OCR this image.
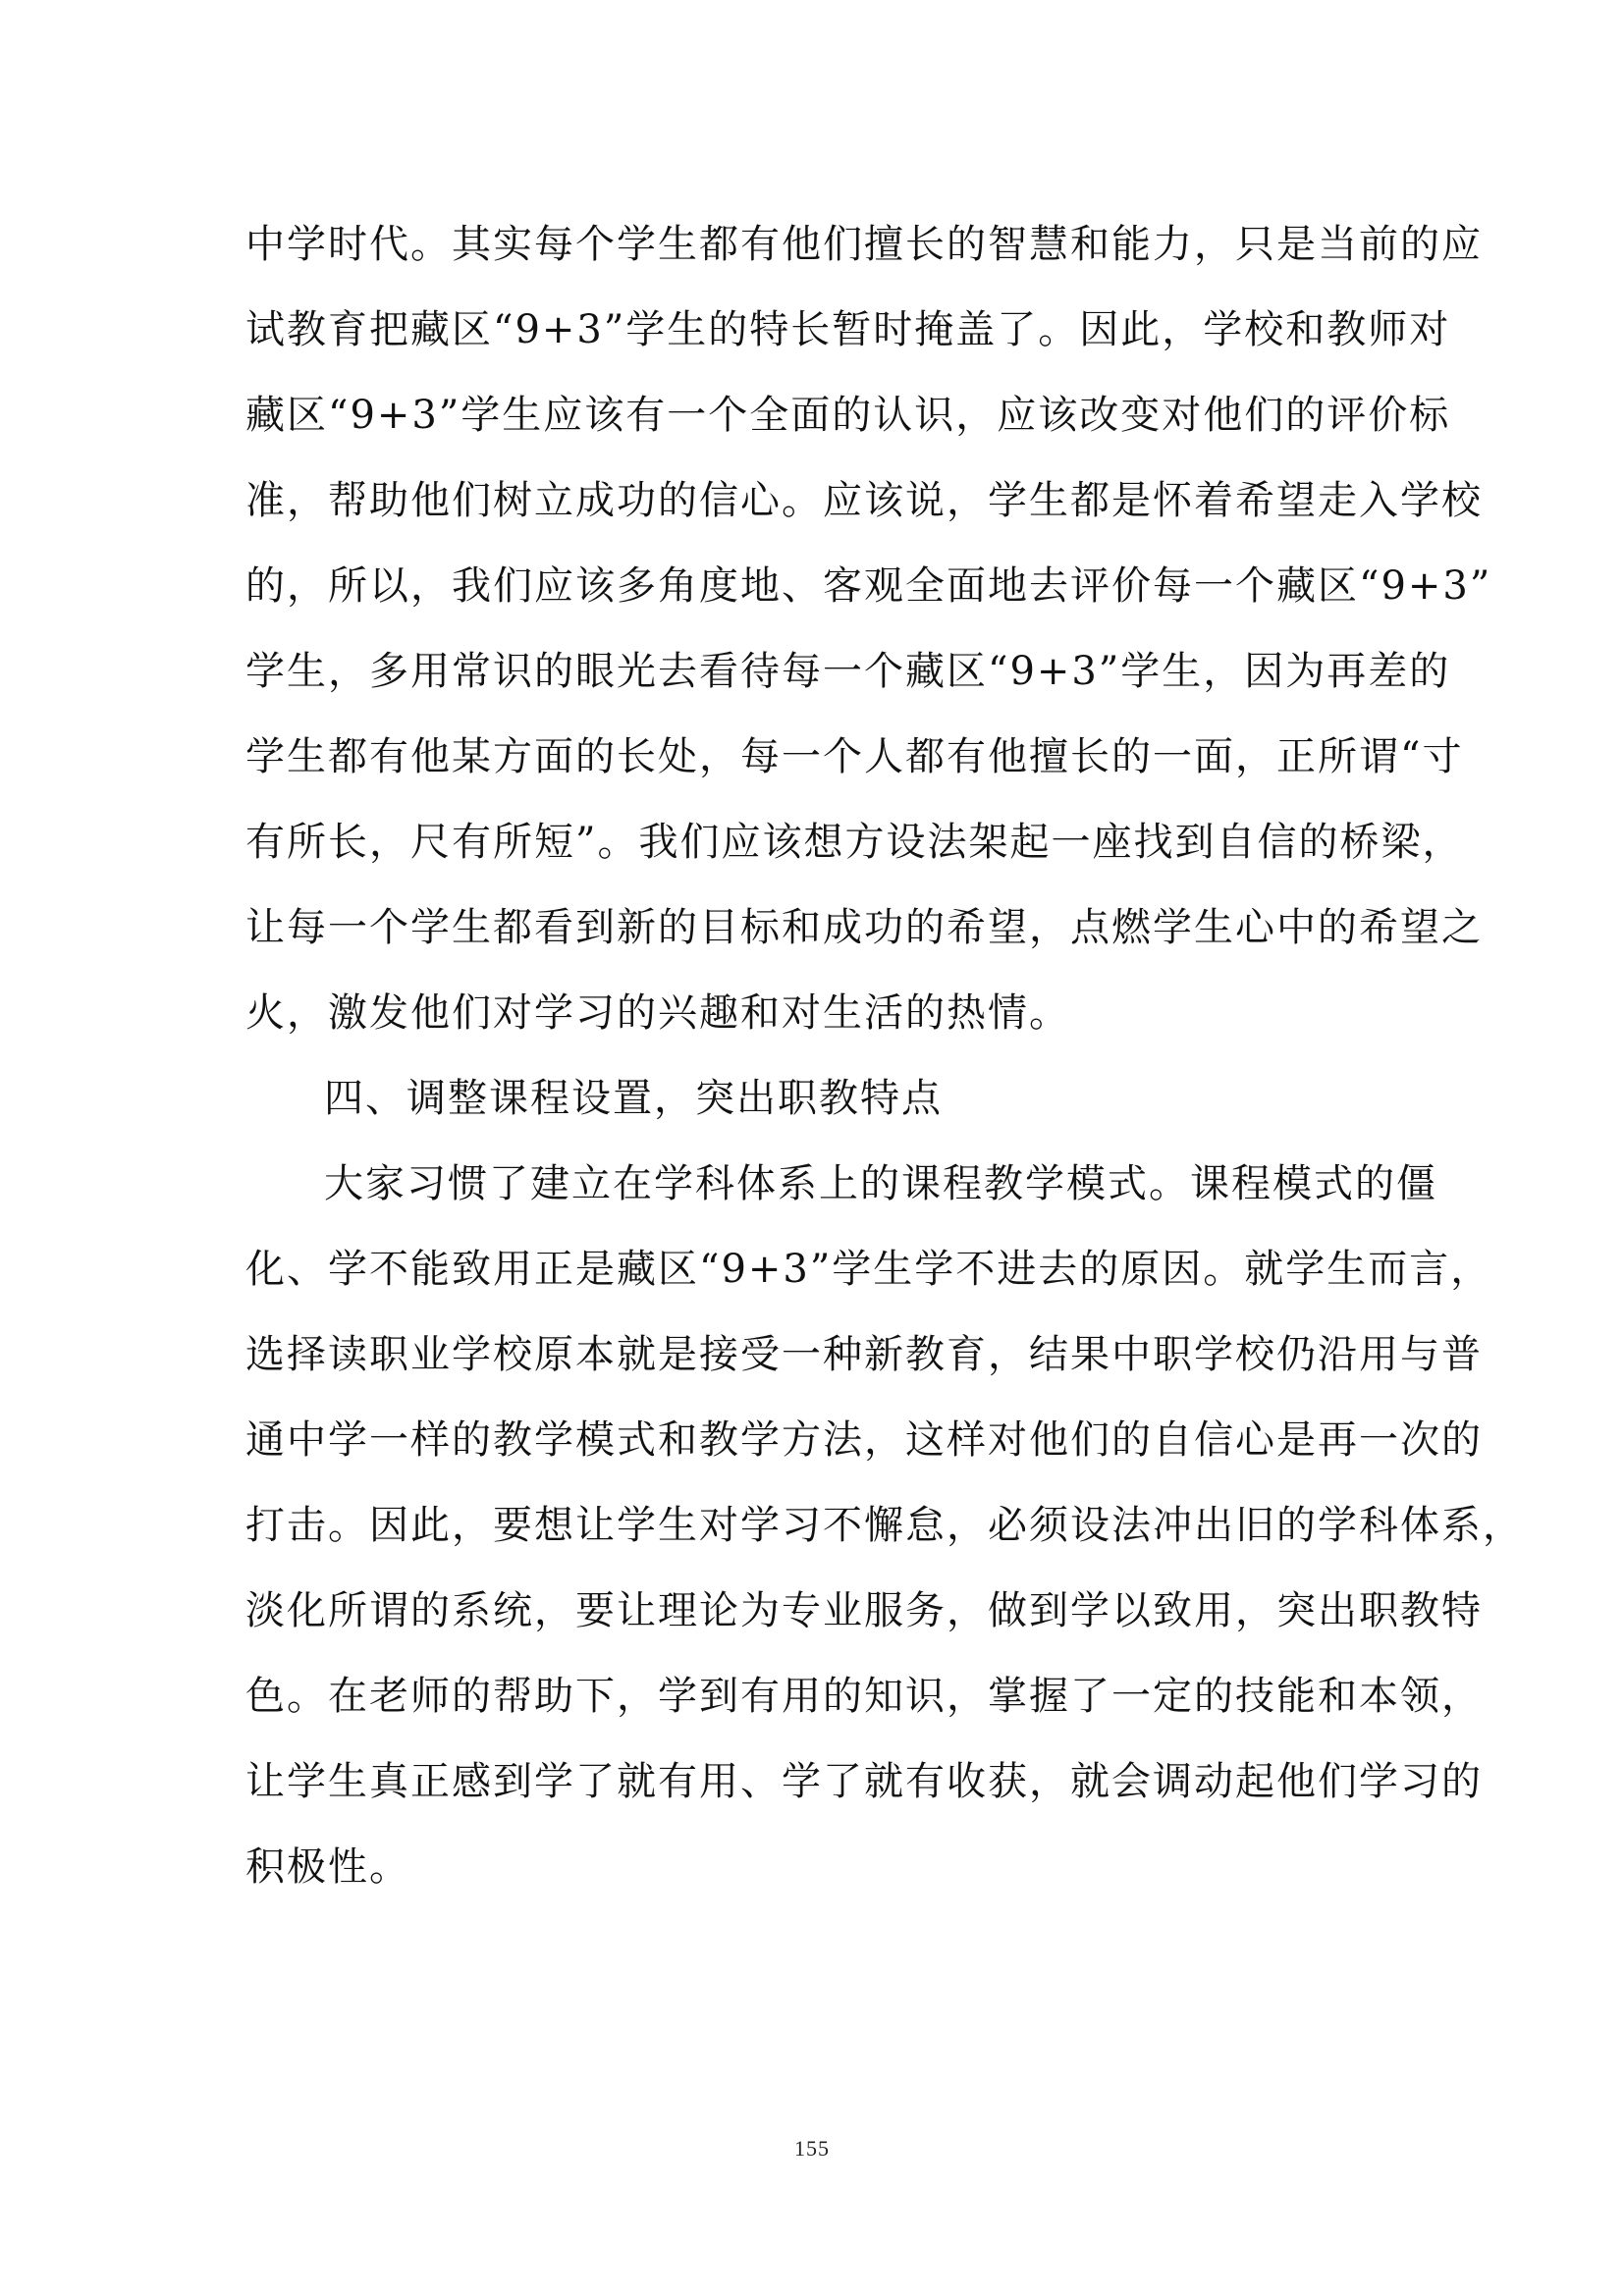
中学时代。其实每个学生都有他们擅长的智慧和能力，只是当前的应
试教育把藏区“9+3”学生的特长暂时掩盖了。因此，学校和教师对
藏区“9+3”学生应该有一个全面的认识，应该改变对他们的评价标
准，帮助他们树立成功的信心。应该说，学生都是怀着希望走入学校
的，所以，我们应该多角度地、客观全面地去评价每一个藏区“9+3”
学生，多用常识的眼光去看待每一个藏区“9+3”学生，因为再差的
学生都有他某方面的长处，每一个人都有他擅长的一面，正所谓“寸
有所长，尺有所短”。我们应该想方设法架起一座找到自信的桥梁，
让每一个学生都看到新的目标和成功的希望，点燃学生心中的希望之
火，激发他们对学习的兴趣和对生活的热情。
四、调整课程设置，突出职教特点
大家习惯了建立在学科体系上的课程教学模式。课程模式的僵
化、学不能致用正是藏区“9+3”学生学不进去的原因。就学生而言，
选择读职业学校原本就是接受一种新教育，结果中职学校仍沿用与普
通中学一样的教学模式和教学方法，这样对他们的自信心是再一次的
打击。因此，要想让学生对学习不懈怠，必须设法冲出旧的学科体系，
淡化所谓的系统，要让理论为专业服务，做到学以致用，突出职教特
色。在老师的帮助下，学到有用的知识，掌握了一定的技能和本领，
让学生真正感到学了就有用、学了就有收获，就会调动起他们学习的
积极性。
155
